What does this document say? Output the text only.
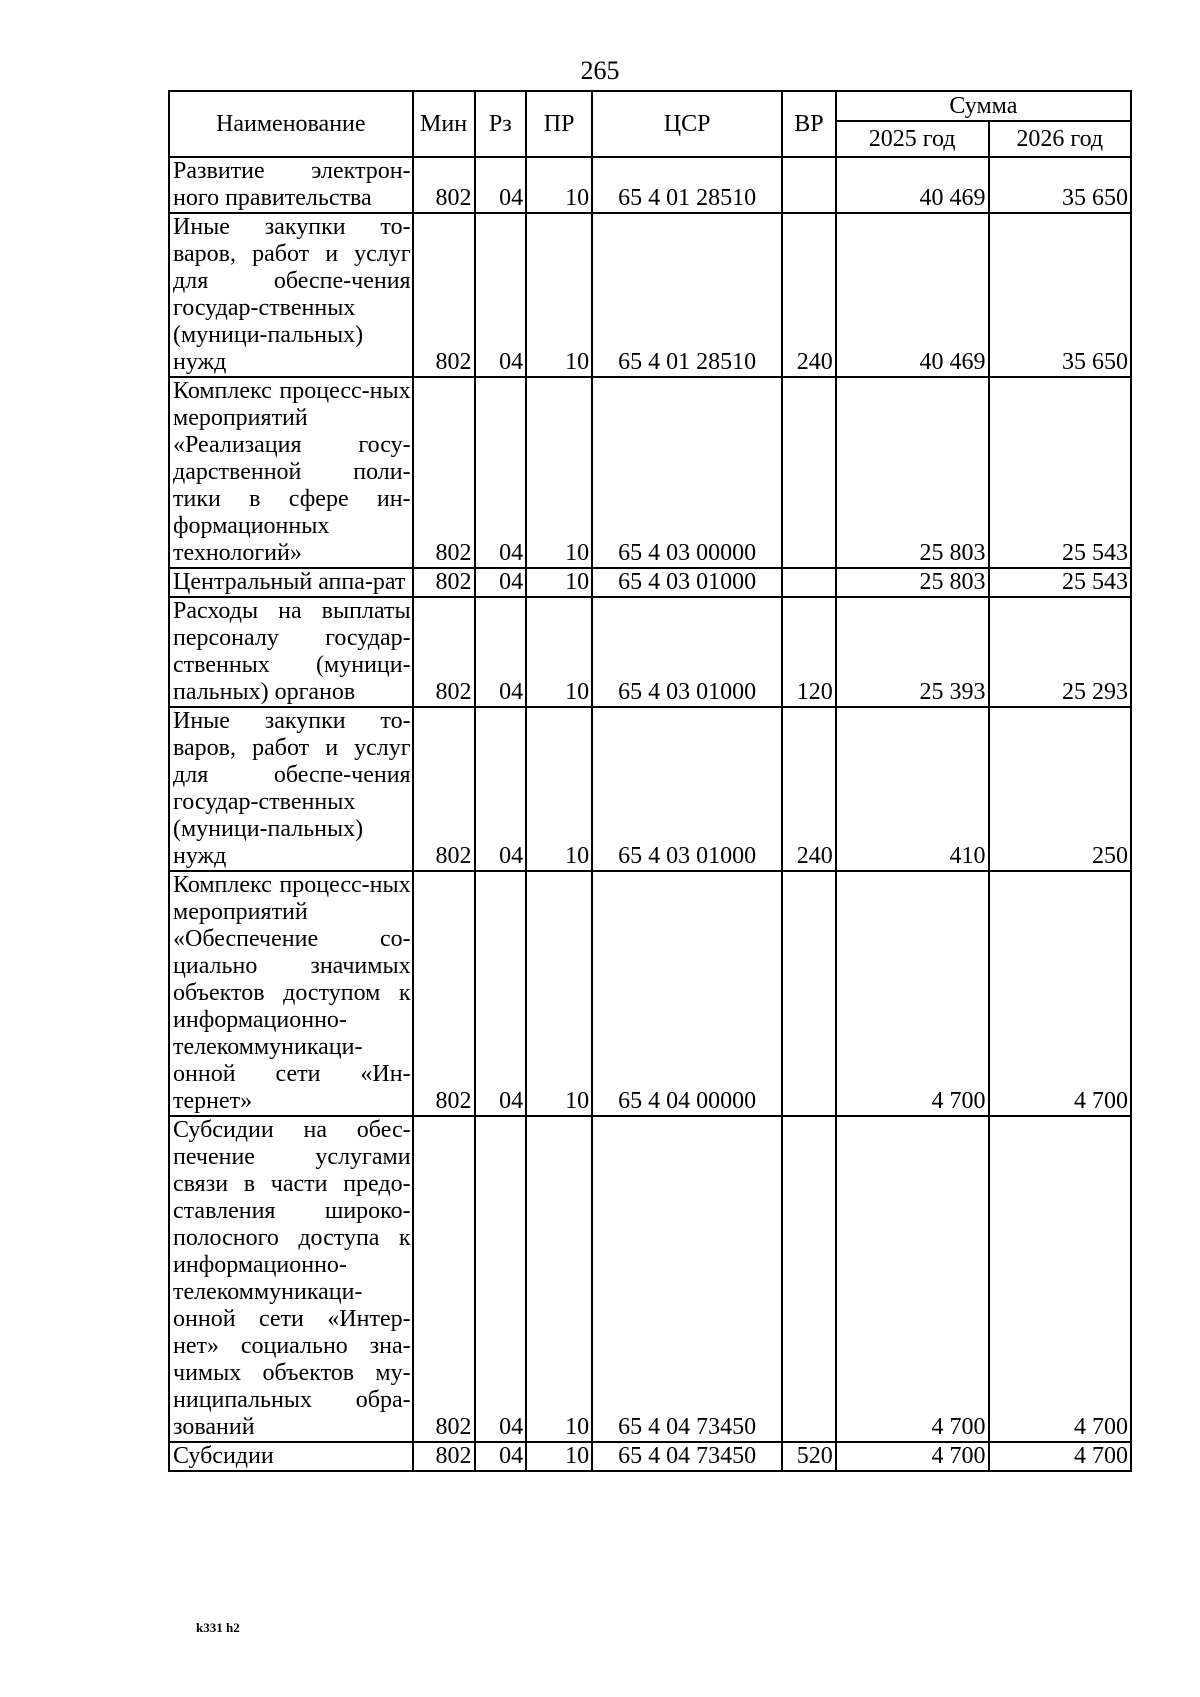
265
Наименование	Мин	Рз	ПР	ЦСР	ВР	Сумма	
						2025 год	2026 год
Развитие электрон-ного правительства	802	04	10	65 4 01 28510		40 469	35 650
Иные закупки то-варов, работ и услуг для обеспе-чения государ-ственных (муници-пальных) нужд	802	04	10	65 4 01 28510	240	40 469	35 650
Комплекс процесс-ных мероприятий «Реализация госу-дарственной поли-тики в сфере ин-формационных технологий»	802	04	10	65 4 03 00000		25 803	25 543
Центральный аппа-рат	802	04	10	65 4 03 01000		25 803	25 543
Расходы на выплаты персоналу государ-ственных (муници-пальных) органов	802	04	10	65 4 03 01000	120	25 393	25 293
Иные закупки то-варов, работ и услуг для обеспе-чения государ-ственных (муници-пальных) нужд	802	04	10	65 4 03 01000	240	410	250
Комплекс процесс-ных мероприятий «Обеспечение со-циально значимых объектов доступом к информационно-телекоммуникаци-онной сети «Ин-тернет»	802	04	10	65 4 04 00000		4 700	4 700
Субсидии на обес-печение услугами связи в части предо-ставления широко-полосного доступа к информационно-телекоммуникаци-онной сети «Интер-нет» социально зна-чимых объектов му-ниципальных обра-зований	802	04	10	65 4 04 73450		4 700	4 700
Субсидии	802	04	10	65 4 04 73450	520	4 700	4 700
k331 h2
